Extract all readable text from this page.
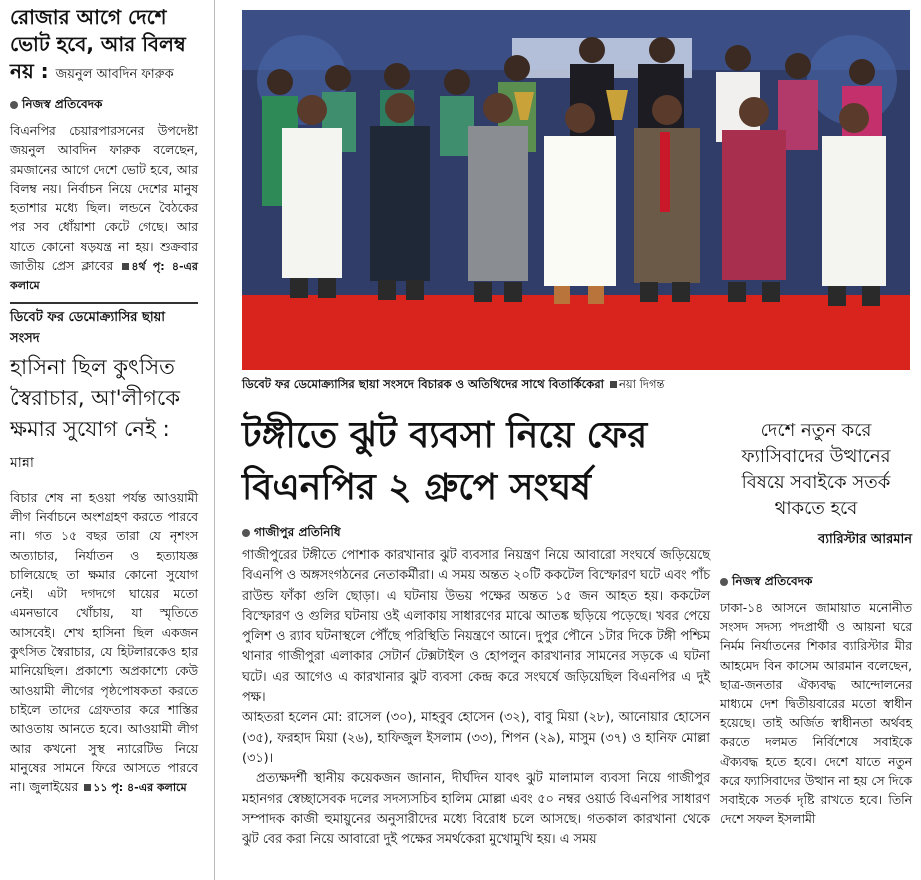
রোজার আগে দেশে ভোট হবে, আর বিলম্ব নয় : জয়নুল আবদিন ফারুক
নিজস্ব প্রতিবেদক
বিএনপির চেয়ারপারসনের উপদেষ্টা জয়নুল আবদিন ফারুক বলেছেন, রমজানের আগে দেশে ভোট হবে, আর বিলম্ব নয়। নির্বাচন নিয়ে দেশের মানুষ হতাশার মধ্যে ছিল। লন্ডনে বৈঠকের পর সব ধোঁয়াশা কেটে গেছে। আর যাতে কোনো ষড়যন্ত্র না হয়। শুক্রবার জাতীয় প্রেস ক্লাবের ৪র্থ পৃ: ৪-এর কলামে
ডিবেট ফর ডেমোক্র্যাসির ছায়া সংসদ
হাসিনা ছিল কুৎসিত স্বৈরাচার, আ'লীগকে ক্ষমার সুযোগ নেই : মান্না
বিচার শেষ না হওয়া পর্যন্ত আওয়ামী লীগ নির্বাচনে অংশগ্রহণ করতে পারবে না। গত ১৫ বছর তারা যে নৃশংস অত্যাচার, নির্যাতন ও হত্যাযজ্ঞ চালিয়েছে তা ক্ষমার কোনো সুযোগ নেই। এটা দগদগে ঘায়ের মতো এমনভাবে খোঁচায়, যা স্মৃতিতে আসবেই। শেখ হাসিনা ছিল একজন কুৎসিত স্বৈরাচার, যে হিটলারকেও হার মানিয়েছিল। প্রকাশ্যে অপ্রকাশ্যে কেউ আওয়ামী লীগের পৃষ্ঠপোষকতা করতে চাইলে তাদের গ্রেফতার করে শাস্তির আওতায় আনতে হবে। আওয়ামী লীগ আর কখনো সুস্থ ন্যারেটিভ নিয়ে মানুষের সামনে ফিরে আসতে পারবে না। জুলাইয়ের ১১ পৃ: ৪-এর কলামে
ডিবেট ফর ডেমোক্র্যাসির ছায়া সংসদে বিচারক ও অতিথিদের সাথে বিতার্কিকেরা নয়া দিগন্ত
টঙ্গীতে ঝুট ব্যবসা নিয়ে ফের
বিএনপির ২ গ্রুপে সংঘর্ষ
গাজীপুর প্রতিনিধি

গাজীপুরের টঙ্গীতে পোশাক কারখানার ঝুট ব্যবসার নিয়ন্ত্রণ নিয়ে আবারো সংঘর্ষে জড়িয়েছে বিএনপি ও অঙ্গসংগঠনের নেতাকর্মীরা। এ সময় অন্তত ২০টি ককটেল বিস্ফোরণ ঘটে এবং পাঁচ রাউন্ড ফাঁকা গুলি ছোড়া। এ ঘটনায় উভয় পক্ষের অন্তত ১৫ জন আহত হয়। ককটেল বিস্ফোরণ ও গুলির ঘটনায় ওই এলাকায় সাধারণের মাঝে আতঙ্ক ছড়িয়ে পড়েছে। খবর পেয়ে পুলিশ ও র‌্যাব ঘটনাস্থলে পৌঁছে পরিস্থিতি নিয়ন্ত্রণে আনে। দুপুর পৌনে ১টার দিকে টঙ্গী পশ্চিম থানার গাজীপুরা এলাকার সেটার্ন টেক্সটাইল ও হোপলুন কারখানার সামনের সড়কে এ ঘটনা ঘটে। এর আগেও এ কারখানার ঝুট ব্যবসা কেন্দ্র করে সংঘর্ষে জড়িয়েছিল বিএনপির এ দুই পক্ষ।

আহতরা হলেন মো: রাসেল (৩০), মাহবুব হোসেন (৩২), বাবু মিয়া (২৮), আনোয়ার হোসেন (৩৫), ফরহাদ মিয়া (২৬), হাফিজুল ইসলাম (৩৩), শিপন (২৯), মাসুম (৩৭) ও হানিফ মোল্লা (৩১)।

প্রত্যক্ষদর্শী স্থানীয় কয়েকজন জানান, দীর্ঘদিন যাবৎ ঝুট মালামাল ব্যবসা নিয়ে গাজীপুর মহানগর স্বেচ্ছাসেবক দলের সদস্যসচিব হালিম মোল্লা এবং ৫০ নম্বর ওয়ার্ড বিএনপির সাধারণ সম্পাদক কাজী হুমায়ুনের অনুসারীদের মধ্যে বিরোধ চলে আসছে। গতকাল কারখানা থেকে ঝুট বের করা নিয়ে আবারো দুই পক্ষের সমর্থকেরা মুখোমুখি হয়। এ সময়

দেশে নতুন করে ফ্যাসিবাদের উত্থানের বিষয়ে সবাইকে সতর্ক থাকতে হবে
ব্যারিস্টার আরমান
নিজস্ব প্রতিবেদক
ঢাকা-১৪ আসনে জামায়াত মনোনীত সংসদ সদস্য পদপ্রার্থী ও আয়না ঘরে নির্মম নির্যাতনের শিকার ব্যারিস্টার মীর আহমেদ বিন কাসেম আরমান বলেছেন, ছাত্র-জনতার ঐক্যবদ্ধ আন্দোলনের মাধ্যমে দেশ দ্বিতীয়বারের মতো স্বাধীন হয়েছে। তাই অর্জিত স্বাধীনতা অর্থবহ করতে দলমত নির্বিশেষে সবাইকে ঐক্যবদ্ধ হতে হবে। দেশে যাতে নতুন করে ফ্যাসিবাদের উত্থান না হয় সে দিকে সবাইকে সতর্ক দৃষ্টি রাখতে হবে। তিনি দেশে সফল ইসলামী
